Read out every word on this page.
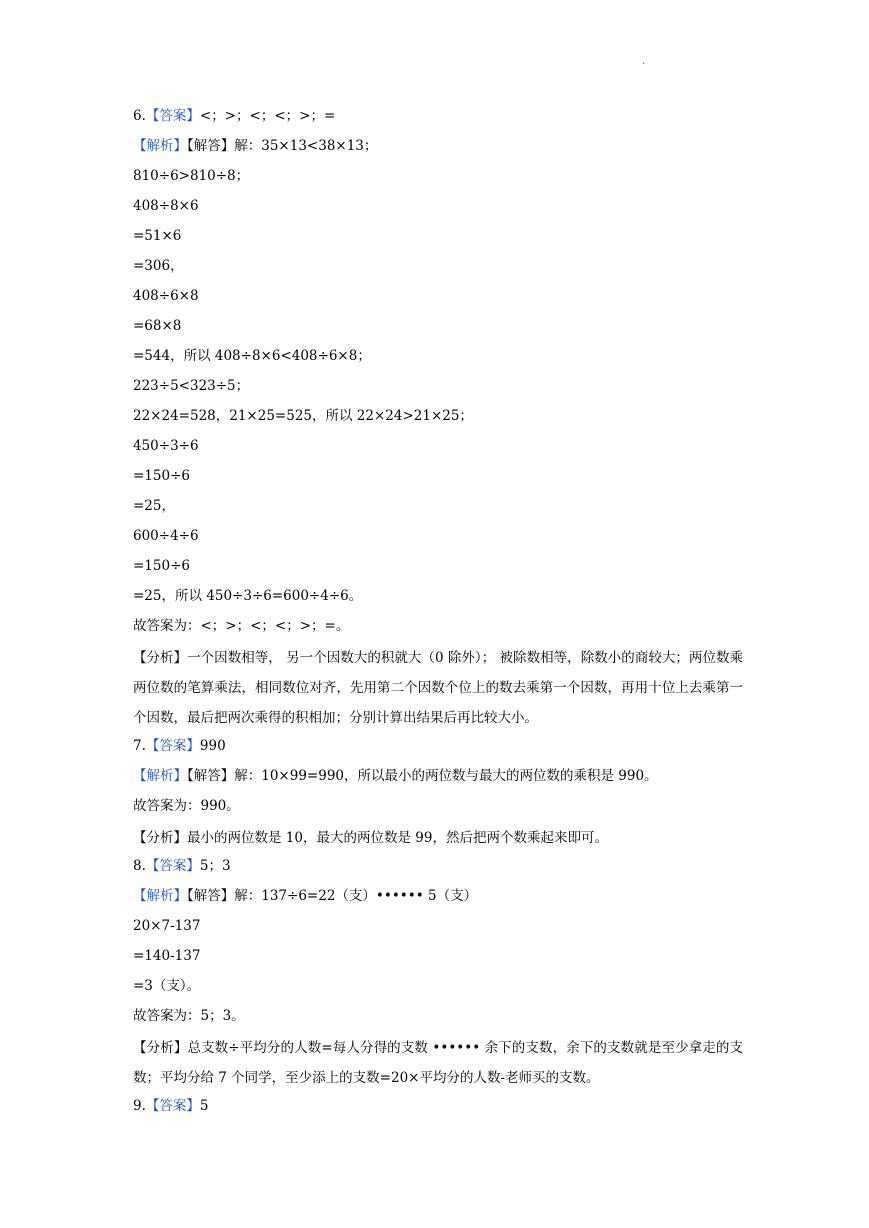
.
6.【答案】<；>；<；<；>；=
【解析】【解答】解：35×13<38×13；
810÷6>810÷8；
408÷8×6
=51×6
=306，
408÷6×8
=68×8
=544，所以 408÷8×6<408÷6×8；
223÷5<323÷5；
22×24=528，21×25=525，所以 22×24>21×25；
450÷3÷6
=150÷6
=25，
600÷4÷6
=150÷6
=25，所以 450÷3÷6=600÷4÷6。
故答案为：<；>；<；<；>；=。
【分析】一个因数相等， 另一个因数大的积就大（0 除外）； 被除数相等，除数小的商较大；两位数乘两位数的笔算乘法，相同数位对齐，先用第二个因数个位上的数去乘第一个因数，再用十位上去乘第一个因数，最后把两次乘得的积相加；分别计算出结果后再比较大小。
7.【答案】990
【解析】【解答】解：10×99=990，所以最小的两位数与最大的两位数的乘积是 990。
故答案为：990。
【分析】最小的两位数是 10，最大的两位数是 99，然后把两个数乘起来即可。
8.【答案】5；3
【解析】【解答】解：137÷6=22（支）•••••• 5（支）
20×7-137
=140-137
=3（支）。
故答案为：5；3。
【分析】总支数÷平均分的人数=每人分得的支数 •••••• 余下的支数，余下的支数就是至少拿走的支数；平均分给 7 个同学，至少添上的支数=20×平均分的人数-老师买的支数。
9.【答案】5
